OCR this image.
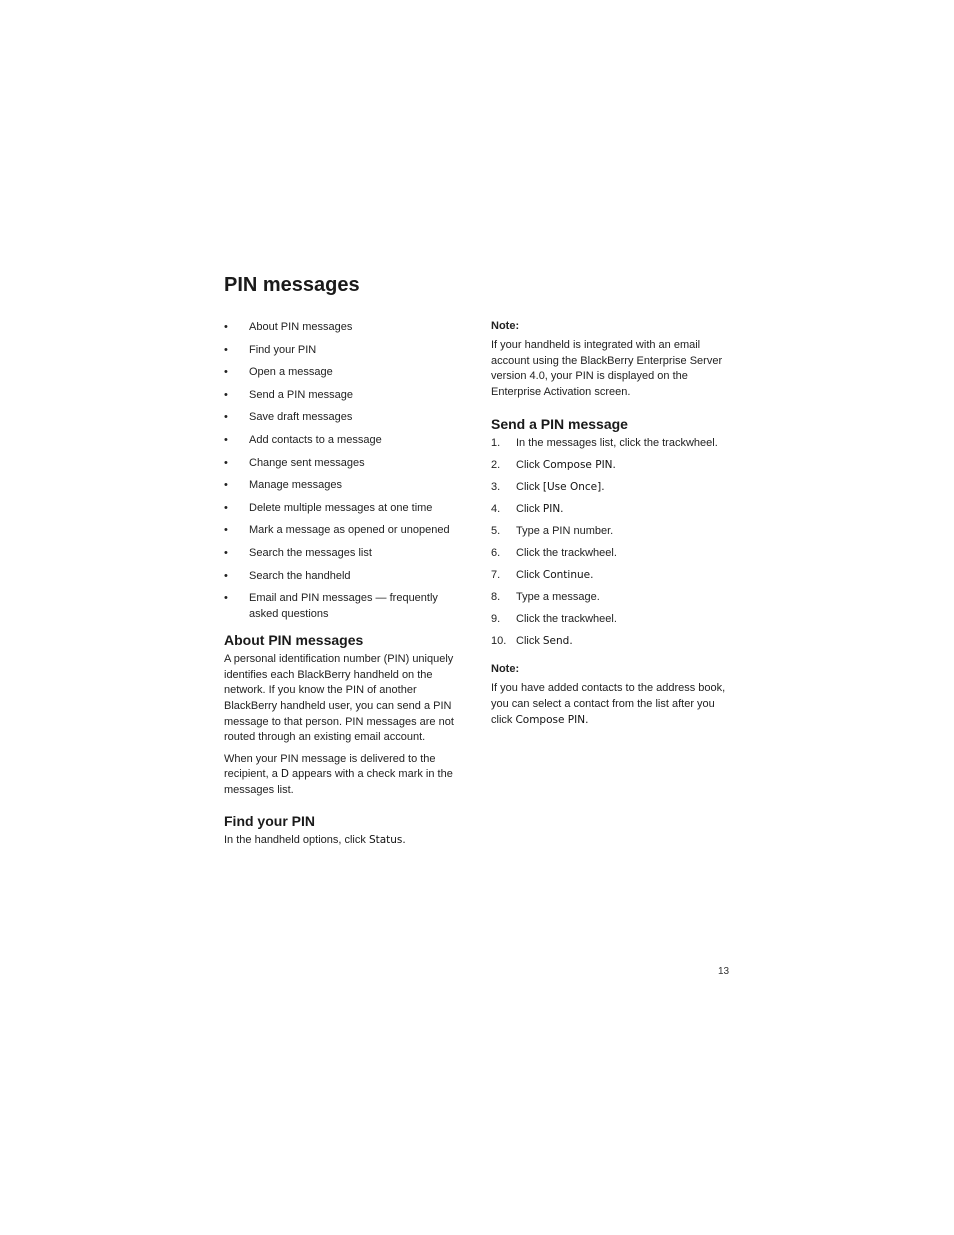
PIN messages
• About PIN messages
• Find your PIN
• Open a message
• Send a PIN message
• Save draft messages
• Add contacts to a message
• Change sent messages
• Manage messages
• Delete multiple messages at one time
• Mark a message as opened or unopened
• Search the messages list
• Search the handheld
• Email and PIN messages — frequently asked questions
About PIN messages

A personal identification number (PIN) uniquely identifies each BlackBerry handheld on the network. If you know the PIN of another BlackBerry handheld user, you can send a PIN message to that person. PIN messages are not routed through an existing email account.

When your PIN message is delivered to the recipient, a D appears with a check mark in the messages list.

Find your PIN

In the handheld options, click Status.

Note:

If your handheld is integrated with an email account using the BlackBerry Enterprise Server version 4.0, your PIN is displayed on the Enterprise Activation screen.

Send a PIN message
1. In the messages list, click the trackwheel.
2. Click Compose PIN.
3. Click [Use Once].
4. Click PIN.
5. Type a PIN number.
6. Click the trackwheel.
7. Click Continue.
8. Type a message.
9. Click the trackwheel.
10. Click Send.
Note:

If you have added contacts to the address book, you can select a contact from the list after you click Compose PIN.

13
